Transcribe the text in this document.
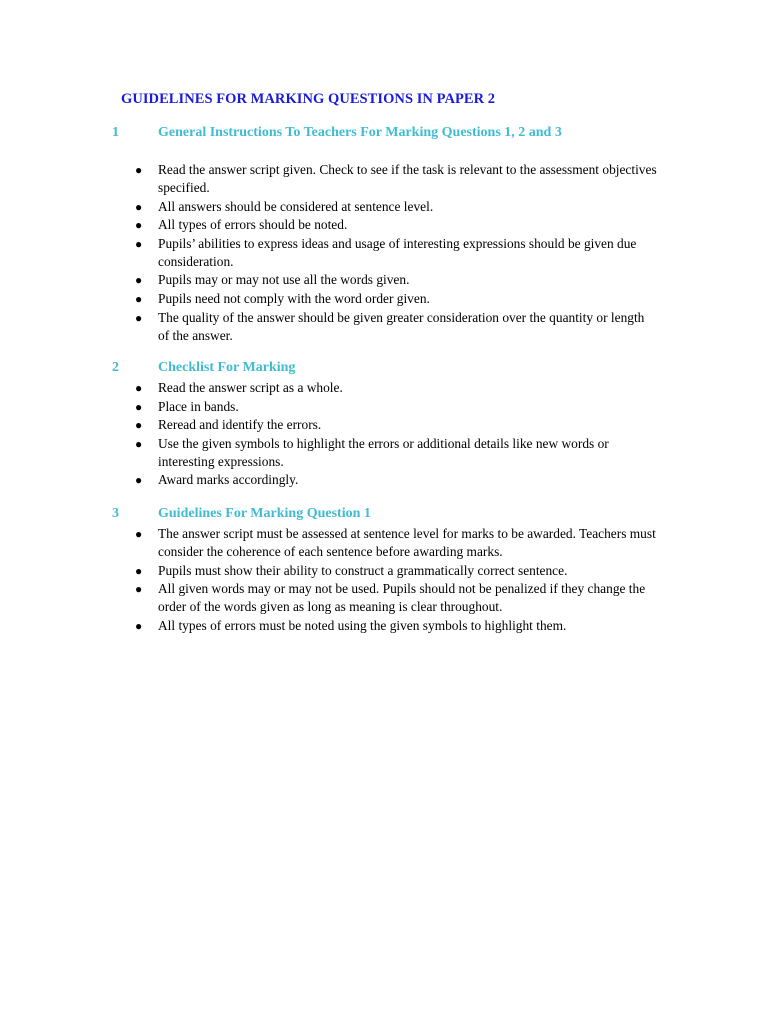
GUIDELINES FOR MARKING QUESTIONS IN PAPER 2
1	General Instructions To Teachers For Marking Questions 1, 2 and 3
● Read the answer script given. Check to see if the task is relevant to the assessment objectives specified.
● All answers should be considered at sentence level.
● All types of errors should be noted.
● Pupils’ abilities to express ideas and usage of interesting expressions should be given due consideration.
● Pupils may or may not use all the words given.
● Pupils need not comply with the word order given.
● The quality of the answer should be given greater consideration over the quantity or length of the answer.
2	Checklist For Marking
● Read the answer script as a whole.
● Place in bands.
● Reread and identify the errors.
● Use the given symbols to highlight the errors or additional details like new words or interesting expressions.
● Award marks accordingly.
3	Guidelines For Marking Question 1
● The answer script must be assessed at sentence level for marks to be awarded. Teachers must consider the coherence of each sentence before awarding marks.
● Pupils must show their ability to construct a grammatically correct sentence.
● All given words may or may not be used. Pupils should not be penalized if they change the order of the words given as long as meaning is clear throughout.
● All types of errors must be noted using the given symbols to highlight them.
